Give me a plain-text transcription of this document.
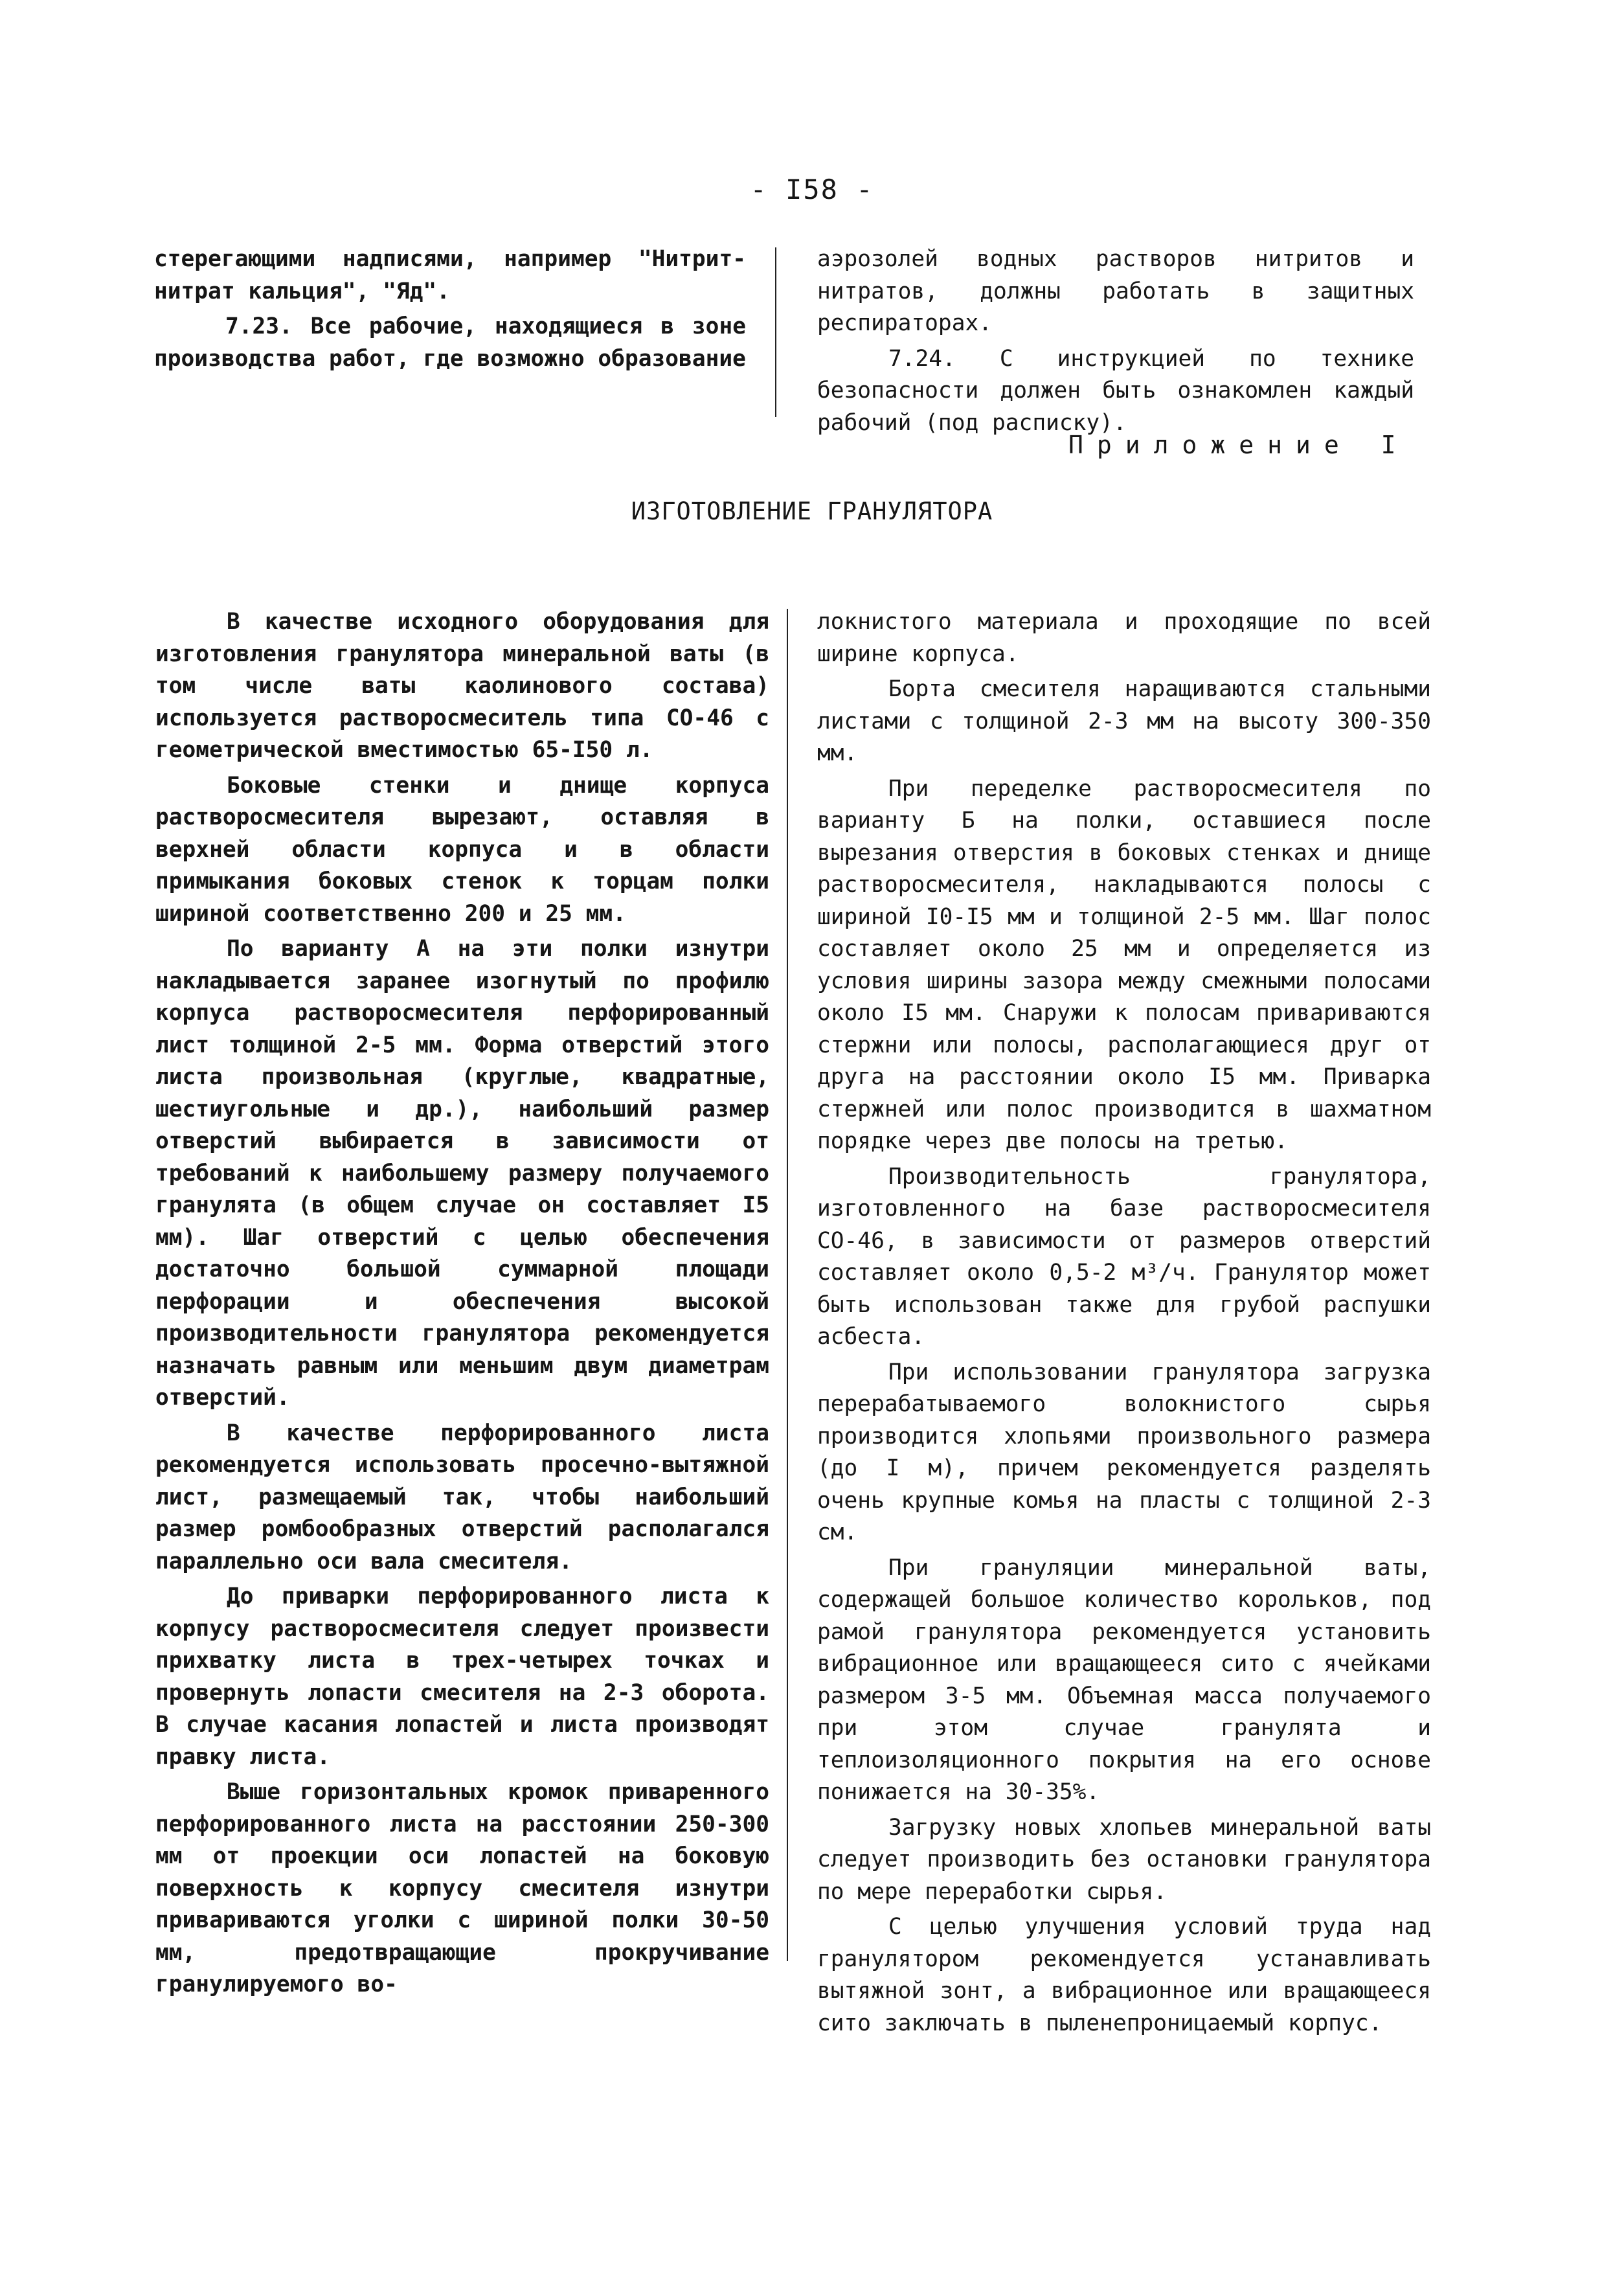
- I58 -

стерегающими надписями, например "Нитрит-нитрат кальция", "Яд".

7.23. Все рабочие, находящиеся в зоне производства работ, где возможно образование

аэрозолей водных растворов нитритов и нитратов, должны работать в защитных респираторах.

7.24. С инструкцией по технике безопасности должен быть ознакомлен каждый рабочий (под расписку).

Приложение I
ИЗГОТОВЛЕНИЕ ГРАНУЛЯТОРА

В качестве исходного оборудования для изготовления гранулятора минеральной ваты (в том числе ваты каолинового состава) используется растворосмеситель типа СО-46 с геометрической вместимостью 65-I50 л.

Боковые стенки и днище корпуса растворосмесителя вырезают, оставляя в верхней области корпуса и в области примыкания боковых стенок к торцам полки шириной соответственно 200 и 25 мм.

По варианту А на эти полки изнутри накладывается заранее изогнутый по профилю корпуса растворосмесителя перфорированный лист толщиной 2-5 мм. Форма отверстий этого листа произвольная (круглые, квадратные, шестиугольные и др.), наибольший размер отверстий выбирается в зависимости от требований к наибольшему размеру получаемого гранулята (в общем случае он составляет I5 мм). Шаг отверстий с целью обеспечения достаточно большой суммарной площади перфорации и обеспечения высокой производительности гранулятора рекомендуется назначать равным или меньшим двум диаметрам отверстий.

В качестве перфорированного листа рекомендуется использовать просечно-вытяжной лист, размещаемый так, чтобы наибольший размер ромбообразных отверстий располагался параллельно оси вала смесителя.

До приварки перфорированного листа к корпусу растворосмесителя следует произвести прихватку листа в трех-четырех точках и провернуть лопасти смесителя на 2-3 оборота. В случае касания лопастей и листа производят правку листа.

Выше горизонтальных кромок приваренного перфорированного листа на расстоянии 250-300 мм от проекции оси лопастей на боковую поверхность к корпусу смесителя изнутри привариваются уголки с шириной полки 30-50 мм, предотвращающие прокручивание гранулируемого во-

локнистого материала и проходящие по всей ширине корпуса.

Борта смесителя наращиваются стальными листами с толщиной 2-3 мм на высоту 300-350 мм.

При переделке растворосмесителя по варианту Б на полки, оставшиеся после вырезания отверстия в боковых стенках и днище растворосмесителя, накладываются полосы с шириной I0-I5 мм и толщиной 2-5 мм. Шаг полос составляет около 25 мм и определяется из условия ширины зазора между смежными полосами около I5 мм. Снаружи к полосам привариваются стержни или полосы, располагающиеся друг от друга на расстоянии около I5 мм. Приварка стержней или полос производится в шахматном порядке через две полосы на третью.

Производительность гранулятора, изготовленного на базе растворосмесителя СО-46, в зависимости от размеров отверстий составляет около 0,5-2 м³/ч. Гранулятор может быть использован также для грубой распушки асбеста.

При использовании гранулятора загрузка перерабатываемого волокнистого сырья производится хлопьями произвольного размера (до I м), причем рекомендуется разделять очень крупные комья на пласты с толщиной 2-3 см.

При грануляции минеральной ваты, содержащей большое количество корольков, под рамой гранулятора рекомендуется установить вибрационное или вращающееся сито с ячейками размером 3-5 мм. Объемная масса получаемого при этом случае гранулята и теплоизоляционного покрытия на его основе понижается на 30-35%.

Загрузку новых хлопьев минеральной ваты следует производить без остановки гранулятора по мере переработки сырья.

С целью улучшения условий труда над гранулятором рекомендуется устанавливать вытяжной зонт, а вибрационное или вращающееся сито заключать в пыленепроницаемый корпус.
